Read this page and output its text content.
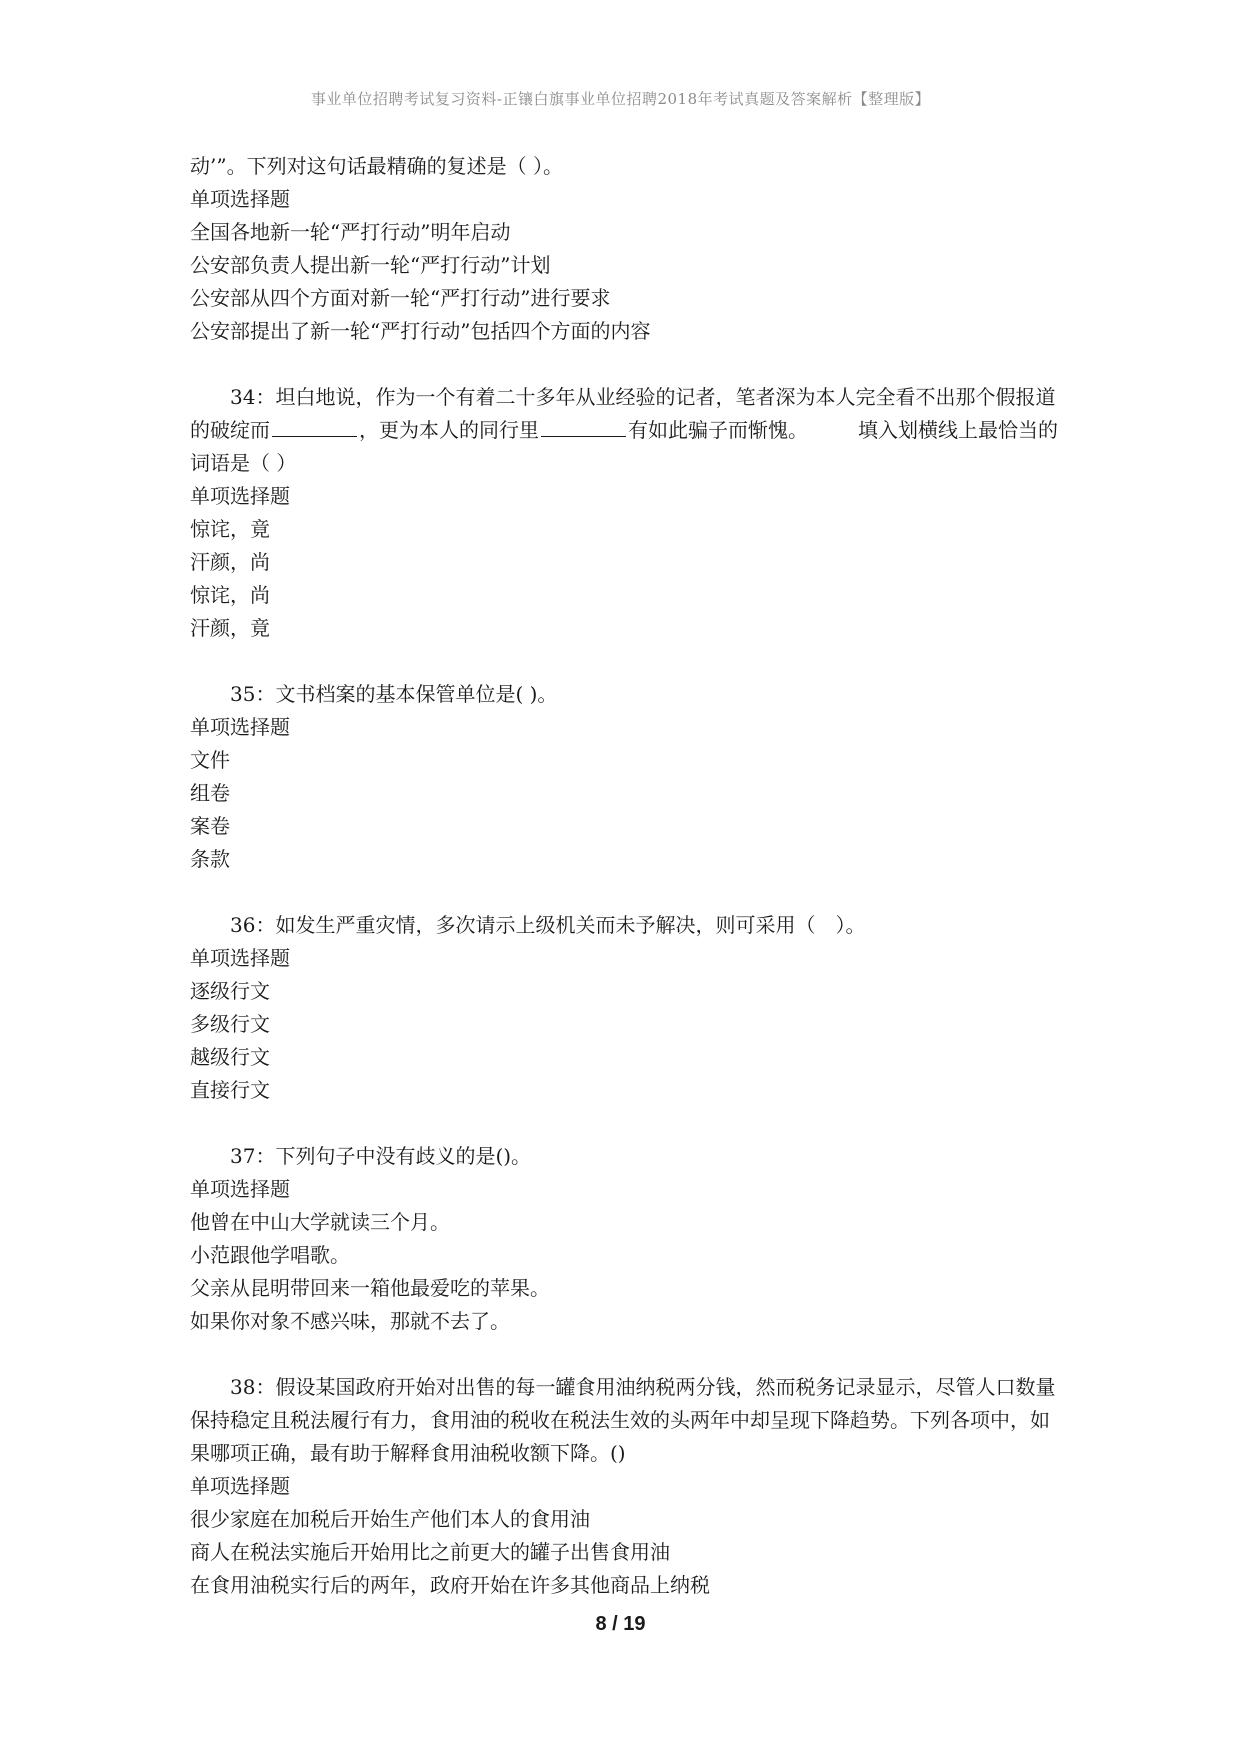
事业单位招聘考试复习资料-正镶白旗事业单位招聘2018年考试真题及答案解析【整理版】
动’”。下列对这句话最精确的复述是（ ）。
单项选择题
全国各地新一轮“严打行动”明年启动
公安部负责人提出新一轮“严打行动”计划
公安部从四个方面对新一轮“严打行动”进行要求
公安部提出了新一轮“严打行动”包括四个方面的内容
34：坦白地说，作为一个有着二十多年从业经验的记者，笔者深为本人完全看不出那个假报道的破绽而	，更为本人的同行里	有如此骗子而惭愧。	填入划横线上最恰当的词语是（ ）
单项选择题
惊诧，竟
汗颜，尚
惊诧，尚
汗颜，竟
35：文书档案的基本保管单位是( )。
单项选择题
文件
组卷
案卷
条款
36：如发生严重灾情，多次请示上级机关而未予解决，则可采用（　）。
单项选择题
逐级行文
多级行文
越级行文
直接行文
37：下列句子中没有歧义的是()。
单项选择题
他曾在中山大学就读三个月。
小范跟他学唱歌。
父亲从昆明带回来一箱他最爱吃的苹果。
如果你对象不感兴味，那就不去了。
38：假设某国政府开始对出售的每一罐食用油纳税两分钱，然而税务记录显示，尽管人口数量保持稳定且税法履行有力，食用油的税收在税法生效的头两年中却呈现下降趋势。下列各项中，如果哪项正确，最有助于解释食用油税收额下降。()
单项选择题
很少家庭在加税后开始生产他们本人的食用油
商人在税法实施后开始用比之前更大的罐子出售食用油
在食用油税实行后的两年，政府开始在许多其他商品上纳税
8 / 19
